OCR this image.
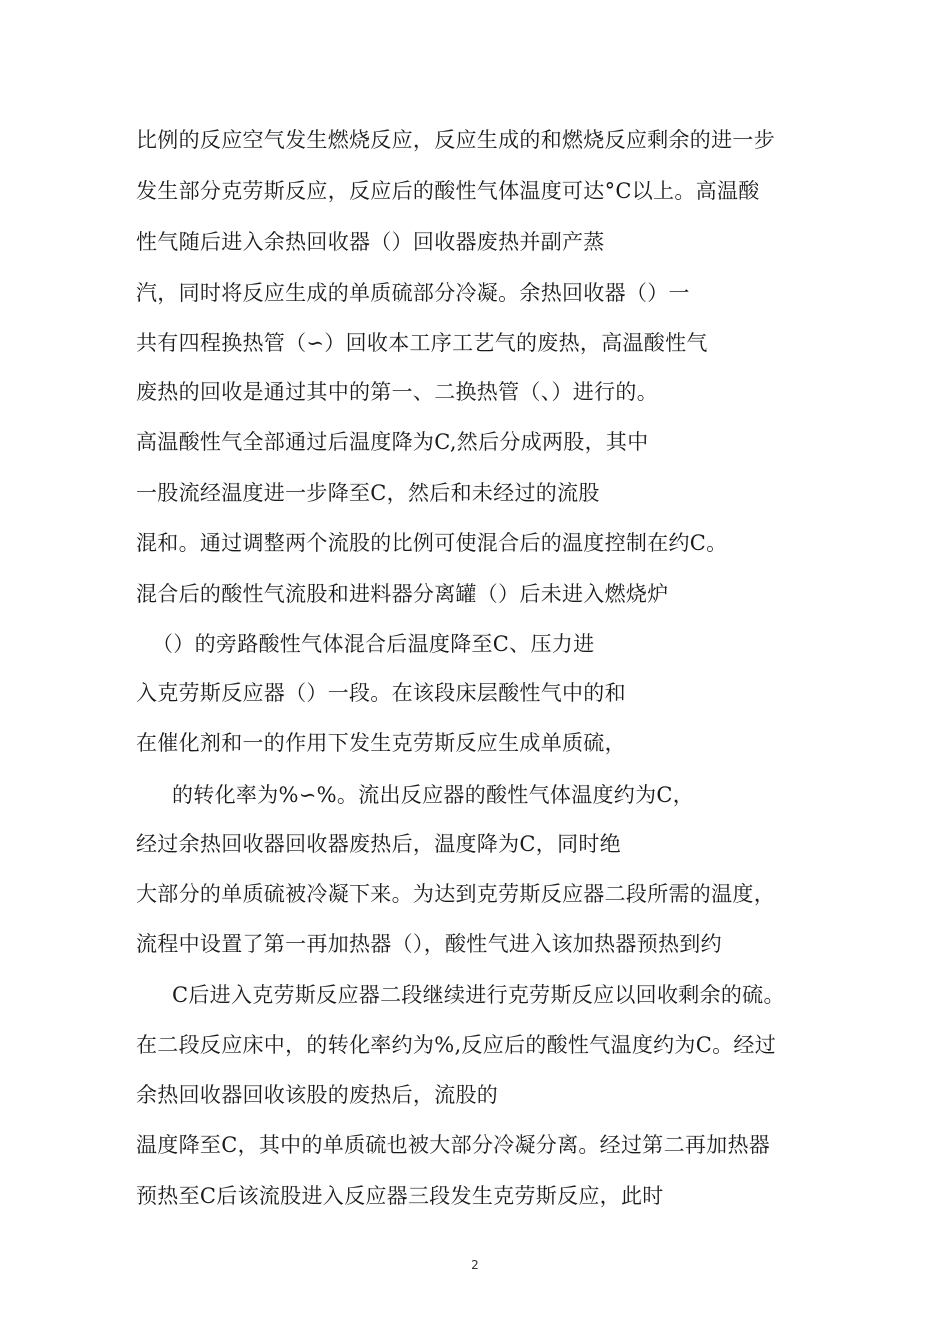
比例的反应空气发生燃烧反应，反应生成的和燃烧反应剩余的进一步
发生部分克劳斯反应，反应后的酸性气体温度可达°C以上。高温酸
性气随后进入余热回收器（）回收器废热并副产蒸
汽，同时将反应生成的单质硫部分冷凝。余热回收器（）一
共有四程换热管（∽）回收本工序工艺气的废热，高温酸性气
废热的回收是通过其中的第一、二换热管（、）进行的。
高温酸性气全部通过后温度降为C,然后分成两股，其中
一股流经温度进一步降至C，然后和未经过的流股
混和。通过调整两个流股的比例可使混合后的温度控制在约C。
混合后的酸性气流股和进料器分离罐（）后未进入燃烧炉
（）的旁路酸性气体混合后温度降至C、压力进
入克劳斯反应器（）一段。在该段床层酸性气中的和
在催化剂和一的作用下发生克劳斯反应生成单质硫，
的转化率为%∽%。流出反应器的酸性气体温度约为C，
经过余热回收器回收器废热后，温度降为C，同时绝
大部分的单质硫被冷凝下来。为达到克劳斯反应器二段所需的温度，
流程中设置了第一再加热器（），酸性气进入该加热器预热到约
C后进入克劳斯反应器二段继续进行克劳斯反应以回收剩余的硫。
在二段反应床中，的转化率约为%,反应后的酸性气温度约为C。经过
余热回收器回收该股的废热后，流股的
温度降至C，其中的单质硫也被大部分冷凝分离。经过第二再加热器
预热至C后该流股进入反应器三段发生克劳斯反应，此时
2
